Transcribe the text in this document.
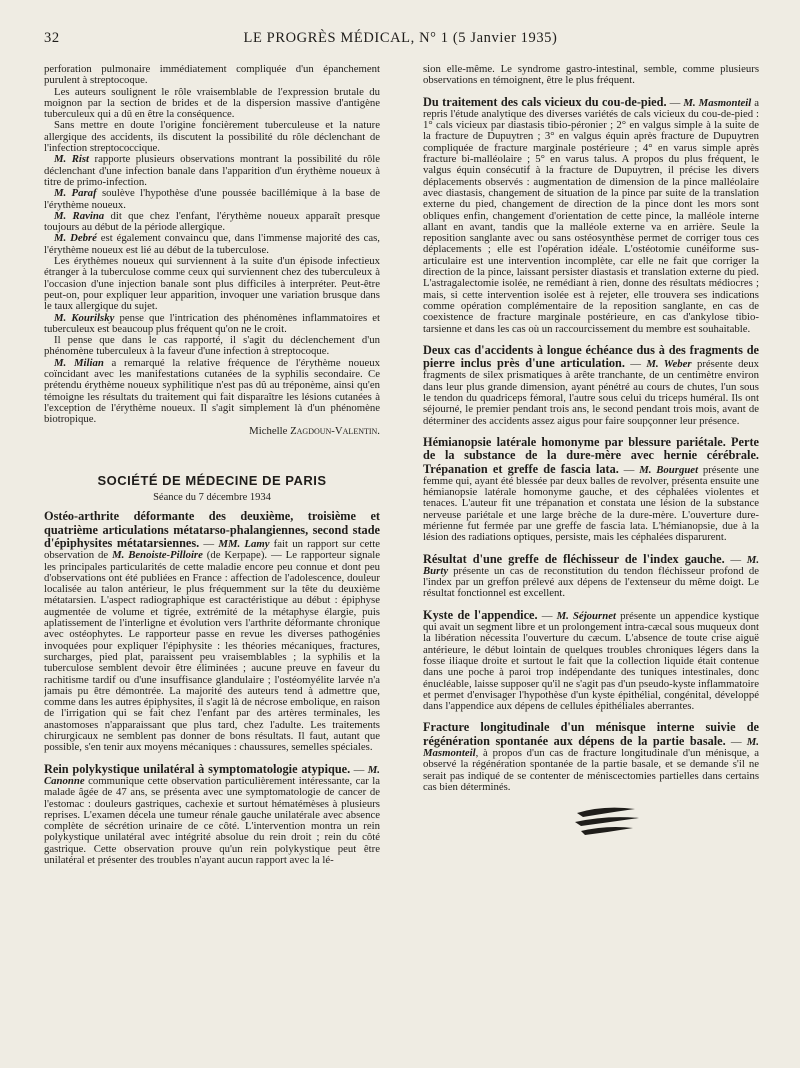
32	LE PROGRÈS MÉDICAL, N° 1 (5 Janvier 1935)

perforation pulmonaire immédiatement compliquée d'un épanchement purulent à streptocoque.

Les auteurs soulignent le rôle vraisemblable de l'expression brutale du moignon par la section de brides et de la dispersion massive d'antigène tuberculeux qui a dû en être la conséquence.

Sans mettre en doute l'origine foncièrement tuberculeuse et la nature allergique des accidents, ils discutent la possibilité du rôle déclenchant de l'infection streptococcique.

M. Rist rapporte plusieurs observations montrant la possibilité du rôle déclenchant d'une infection banale dans l'apparition d'un érythème noueux à titre de primo-infection.

M. Paraf soulève l'hypothèse d'une poussée bacillémique à la base de l'érythème noueux.

M. Ravina dit que chez l'enfant, l'érythème noueux apparaît presque toujours au début de la période allergique.

M. Debré est également convaincu que, dans l'immense majorité des cas, l'érythème noueux est lié au début de la tuberculose.

Les érythèmes noueux qui surviennent à la suite d'un épisode infectieux étranger à la tuberculose comme ceux qui surviennent chez des tuberculeux à l'occasion d'une injection banale sont plus difficiles à interpréter. Peut-être peut-on, pour expliquer leur apparition, invoquer une variation brusque dans le taux allergique du sujet.

M. Kourilsky pense que l'intrication des phénomènes inflammatoires et tuberculeux est beaucoup plus fréquent qu'on ne le croit.

Il pense que dans le cas rapporté, il s'agit du déclenchement d'un phénomène tuberculeux à la faveur d'une infection à streptocoque.

M. Milian a remarqué la relative fréquence de l'érythème noueux coïncidant avec les manifestations cutanées de la syphilis secondaire. Ce prétendu érythème noueux syphilitique n'est pas dû au tréponème, ainsi qu'en témoigne les résultats du traitement qui fait disparaître les lésions cutanées à l'exception de l'érythème noueux. Il s'agit simplement là d'un phénomène biotropique.

Michelle Zagdoun-Valentin.

SOCIÉTÉ DE MÉDECINE DE PARIS
Séance du 7 décembre 1934

Ostéo-arthrite déformante des deuxième, troisième et quatrième articulations métatarso-phalangiennes, second stade d'épiphysites métatarsiennes. — MM. Lamy fait un rapport sur cette observation de M. Benoiste-Pilloire (de Kerpape). — Le rapporteur signale les principales particularités de cette maladie encore peu connue et dont peu d'observations ont été publiées en France : affection de l'adolescence, douleur localisée au talon antérieur, le plus fréquemment sur la tête du deuxième métatarsien. L'aspect radiographique est caractéristique au début : épiphyse augmentée de volume et tigrée, extrémité de la métaphyse élargie, puis aplatissement de l'interligne et évolution vers l'arthrite déformante chronique avec ostéophytes. Le rapporteur passe en revue les diverses pathogénies invoquées pour expliquer l'épiphysite : les théories mécaniques, fractures, surcharges, pied plat, paraissent peu vraisemblables ; la syphilis et la tuberculose semblent devoir être éliminées ; aucune preuve en faveur du rachitisme tardif ou d'une insuffisance glandulaire ; l'ostéomyélite larvée n'a jamais pu être démontrée. La majorité des auteurs tend à admettre que, comme dans les autres épiphysites, il s'agit là de nécrose embolique, en raison de l'irrigation qui se fait chez l'enfant par des artères terminales, les anastomoses n'apparaissant que plus tard, chez l'adulte. Les traitements chirurgicaux ne semblent pas donner de bons résultats. Il faut, autant que possible, s'en tenir aux moyens mécaniques : chaussures, semelles spéciales.

Rein polykystique unilatéral à symptomatologie atypique. — M. Canonne communique cette observation particulièrement intéressante, car la malade âgée de 47 ans, se présenta avec une symptomatologie de cancer de l'estomac : douleurs gastriques, cachexie et surtout hématémèses à plusieurs reprises. L'examen décela une tumeur rénale gauche unilatérale avec absence complète de sécrétion urinaire de ce côté. L'intervention montra un rein polykystique unilatéral avec intégrité absolue du rein droit ; rein du côté gastrique. Cette observation prouve qu'un rein polykystique peut être unilatéral et présenter des troubles n'ayant aucun rapport avec la lé-

sion elle-même. Le syndrome gastro-intestinal, semble, comme plusieurs observations en témoignent, être le plus fréquent.

Du traitement des cals vicieux du cou-de-pied. — M. Masmonteil a repris l'étude analytique des diverses variétés de cals vicieux du cou-de-pied : 1° cals vicieux par diastasis tibio-péronier ; 2° en valgus simple à la suite de la fracture de Dupuytren ; 3° en valgus équin après fracture de Dupuytren compliquée de fracture marginale postérieure ; 4° en varus simple après fracture bi-malléolaire ; 5° en varus talus. A propos du plus fréquent, le valgus équin consécutif à la fracture de Dupuytren, il précise les divers déplacements observés : augmentation de dimension de la pince malléolaire avec diastasis, changement de situation de la pince par suite de la translation externe du pied, changement de direction de la pince dont les mors sont obliques enfin, changement d'orientation de cette pince, la malléole interne allant en avant, tandis que la malléole externe va en arrière. Seule la reposition sanglante avec ou sans ostéosynthèse permet de corriger tous ces déplacements ; elle est l'opération idéale. L'ostéotomie cunéiforme sus-articulaire est une intervention incomplète, car elle ne fait que corriger la direction de la pince, laissant persister diastasis et translation externe du pied. L'astragalectomie isolée, ne remédiant à rien, donne des résultats médiocres ; mais, si cette intervention isolée est à rejeter, elle trouvera ses indications comme opération complémentaire de la reposition sanglante, en cas de coexistence de fracture marginale postérieure, en cas d'ankylose tibio-tarsienne et dans les cas où un raccourcissement du membre est souhaitable.

Deux cas d'accidents à longue échéance dus à des fragments de pierre inclus près d'une articulation. — M. Weber présente deux fragments de silex prismatiques à arête tranchante, de un centimètre environ dans leur plus grande dimension, ayant pénétré au cours de chutes, l'un sous le tendon du quadriceps fémoral, l'autre sous celui du triceps huméral. Ils ont séjourné, le premier pendant trois ans, le second pendant trois mois, avant de déterminer des accidents assez aigus pour faire soupçonner leur présence.

Hémianopsie latérale homonyme par blessure pariétale. Perte de la substance de la dure-mère avec hernie cérébrale. Trépanation et greffe de fascia lata. — M. Bourguet présente une femme qui, ayant été blessée par deux balles de revolver, présenta ensuite une hémianopsie latérale homonyme gauche, et des céphalées violentes et tenaces. L'auteur fit une trépanation et constata une lésion de la substance nerveuse pariétale et une large brèche de la dure-mère. L'ouverture dure-mérienne fut fermée par une greffe de fascia lata. L'hémianopsie, due à la lésion des radiations optiques, persiste, mais les céphalées disparurent.

Résultat d'une greffe de fléchisseur de l'index gauche. — M. Burty présente un cas de reconstitution du tendon fléchisseur profond de l'index par un greffon prélevé aux dépens de l'extenseur du même doigt. Le résultat fonctionnel est excellent.

Kyste de l'appendice. — M. Séjournet présente un appendice kystique qui avait un segment libre et un prolongement intra-cæcal sous muqueux dont la libération nécessita l'ouverture du cæcum. L'absence de toute crise aiguë antérieure, le début lointain de quelques troubles chroniques légers dans la fosse iliaque droite et surtout le fait que la collection liquide était contenue dans une poche à paroi trop indépendante des tuniques intestinales, donc énucléable, laisse supposer qu'il ne s'agit pas d'un pseudo-kyste inflammatoire et permet d'envisager l'hypothèse d'un kyste épithélial, congénital, développé dans l'appendice aux dépens de cellules épithéliales aberrantes.

Fracture longitudinale d'un ménisque interne suivie de régénération spontanée aux dépens de la partie basale. — M. Masmonteil, à propos d'un cas de fracture longitudinale d'un ménisque, a observé la régénération spontanée de la partie basale, et se demande s'il ne serait pas indiqué de se contenter de méniscectomies partielles dans certains cas bien déterminés.
